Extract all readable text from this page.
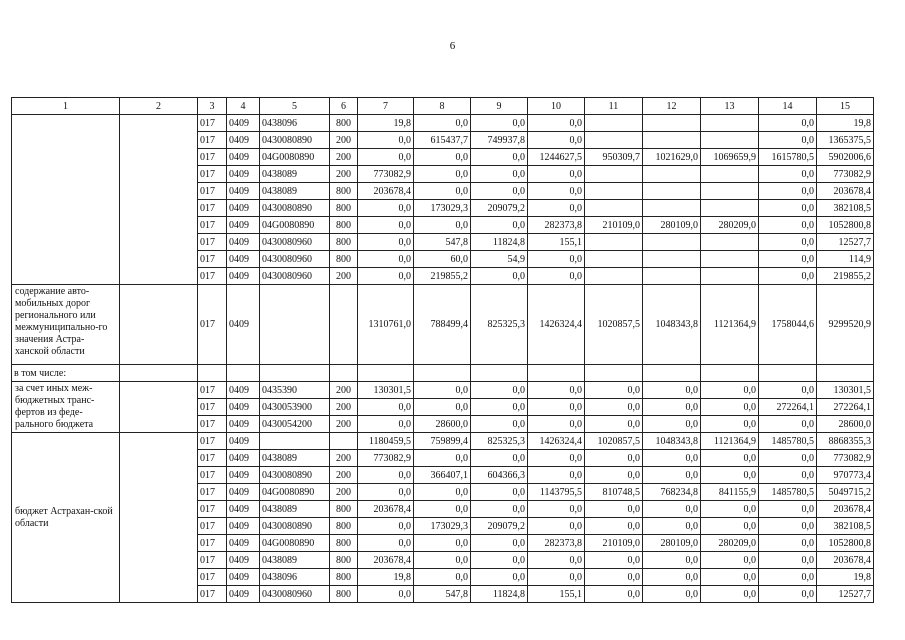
6
1	2	3	4	5	6	7	8	9	10	11	12	13	14	15
		017	0409	0438096	800	19,8	0,0	0,0	0,0				0,0	19,8
		017	0409	0430080890	200	0,0	615437,7	749937,8	0,0				0,0	1365375,5
		017	0409	04G0080890	200	0,0	0,0	0,0	1244627,5	950309,7	1021629,0	1069659,9	1615780,5	5902006,6
		017	0409	0438089	200	773082,9	0,0	0,0	0,0				0,0	773082,9
		017	0409	0438089	800	203678,4	0,0	0,0	0,0				0,0	203678,4
		017	0409	0430080890	800	0,0	173029,3	209079,2	0,0				0,0	382108,5
		017	0409	04G0080890	800	0,0	0,0	0,0	282373,8	210109,0	280109,0	280209,0	0,0	1052800,8
		017	0409	0430080960	800	0,0	547,8	11824,8	155,1				0,0	12527,7
		017	0409	0430080960	800	0,0	60,0	54,9	0,0				0,0	114,9
		017	0409	0430080960	200	0,0	219855,2	0,0	0,0				0,0	219855,2
содержание авто-мобильных дорог регионального или межмуниципально-го значения Астра-ханской области		017	0409			1310761,0	788499,4	825325,3	1426324,4	1020857,5	1048343,8	1121364,9	1758044,6	9299520,9
в том числе:														
за счет иных меж-бюджетных транс-фертов из феде-рального бюджета		017	0409	0435390	200	130301,5	0,0	0,0	0,0	0,0	0,0	0,0	0,0	130301,5
		017	0409	0430053900	200	0,0	0,0	0,0	0,0	0,0	0,0	0,0	272264,1	272264,1
		017	0409	0430054200	200	0,0	28600,0	0,0	0,0	0,0	0,0	0,0	0,0	28600,0
бюджет Астрахан-ской области		017	0409			1180459,5	759899,4	825325,3	1426324,4	1020857,5	1048343,8	1121364,9	1485780,5	8868355,3
		017	0409	0438089	200	773082,9	0,0	0,0	0,0	0,0	0,0	0,0	0,0	773082,9
		017	0409	0430080890	200	0,0	366407,1	604366,3	0,0	0,0	0,0	0,0	0,0	970773,4
		017	0409	04G0080890	200	0,0	0,0	0,0	1143795,5	810748,5	768234,8	841155,9	1485780,5	5049715,2
		017	0409	0438089	800	203678,4	0,0	0,0	0,0	0,0	0,0	0,0	0,0	203678,4
		017	0409	0430080890	800	0,0	173029,3	209079,2	0,0	0,0	0,0	0,0	0,0	382108,5
		017	0409	04G0080890	800	0,0	0,0	0,0	282373,8	210109,0	280109,0	280209,0	0,0	1052800,8
		017	0409	0438089	800	203678,4	0,0	0,0	0,0	0,0	0,0	0,0	0,0	203678,4
		017	0409	0438096	800	19,8	0,0	0,0	0,0	0,0	0,0	0,0	0,0	19,8
		017	0409	0430080960	800	0,0	547,8	11824,8	155,1	0,0	0,0	0,0	0,0	12527,7
